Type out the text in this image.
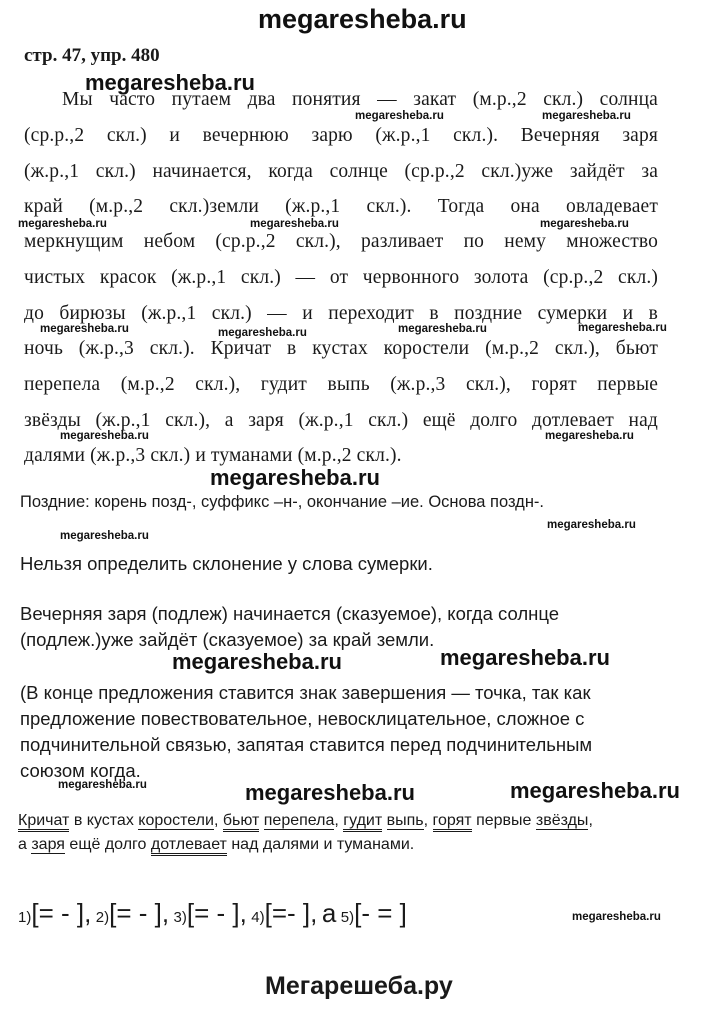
megaresheba.ru
стр. 47, упр. 480
megaresheba.ru
megaresheba.ru	megaresheba.ru
megaresheba.ru	megaresheba.ru	megaresheba.ru
megaresheba.ru	megaresheba.ru	megaresheba.ru	megaresheba.ru
megaresheba.ru	megaresheba.ru
megaresheba.ru
megaresheba.ru
megaresheba.ru
megaresheba.ru	megaresheba.ru
megaresheba.ru	megaresheba.ru	megaresheba.ru
megaresheba.ru
Мы часто путаем два понятия — закат (м.р.,2 скл.) солнца
(ср.р.,2 скл.) и вечернюю зарю (ж.р.,1 скл.). Вечерняя заря
(ж.р.,1 скл.) начинается, когда солнце (ср.р.,2 скл.)уже зайдёт за
край (м.р.,2 скл.)земли (ж.р.,1 скл.). Тогда она овладевает
меркнущим небом (ср.р.,2 скл.), разливает по нему множество
чистых красок (ж.р.,1 скл.) — от червонного золота (ср.р.,2 скл.)
до бирюзы (ж.р.,1 скл.) — и переходит в поздние сумерки и в
ночь (ж.р.,3 скл.). Кричат в кустах коростели (м.р.,2 скл.), бьют
перепела (м.р.,2 скл.), гудит выпь (ж.р.,3 скл.), горят первые
звёзды (ж.р.,1 скл.), а заря (ж.р.,1 скл.) ещё долго дотлевает над
далями (ж.р.,3 скл.) и туманами (м.р.,2 скл.).
Поздние: корень позд-, суффикс –н-, окончание –ие. Основа поздн-.
Нельзя определить склонение у слова сумерки.
Вечерняя заря (подлеж) начинается (сказуемое), когда солнце
(подлеж.)уже зайдёт (сказуемое) за край земли.
(В конце предложения ставится знак завершения — точка, так как
предложение повествовательное, невосклицательное, сложное с
подчинительной связью, запятая ставится перед подчинительным
союзом когда.
Кричат в кустах коростели, бьют перепела, гудит выпь, горят первые звёзды,
а заря ещё долго дотлевает над далями и туманами.
1)[= - ], 2)[= - ], 3)[= - ], 4)[=- ], а 5)[- = ]
Мегарешеба.ру
